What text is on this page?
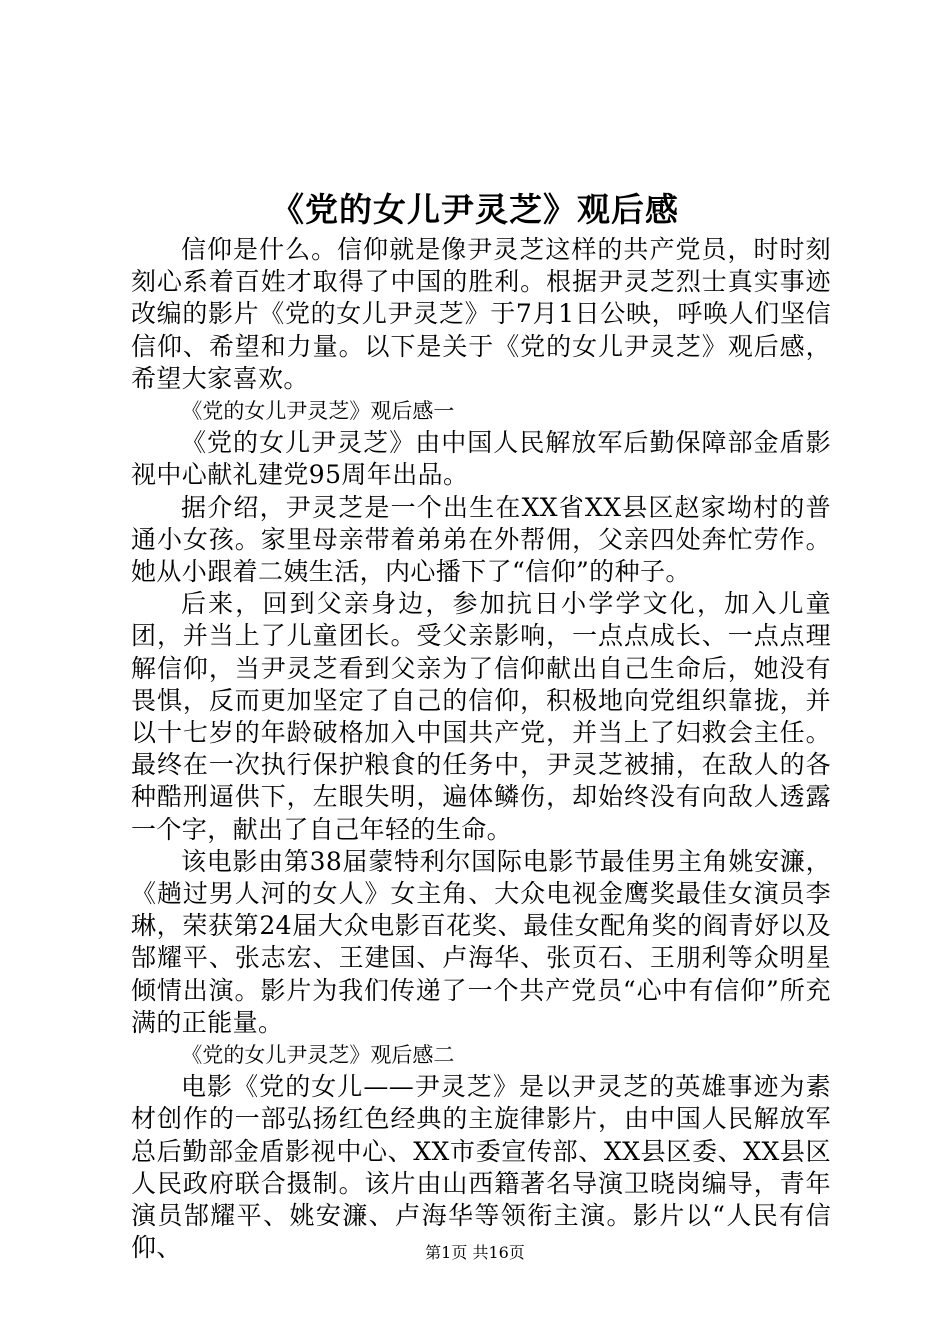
《党的女儿尹灵芝》观后感

信仰是什么。信仰就是像尹灵芝这样的共产党员，时时刻刻心系着百姓才取得了中国的胜利。根据尹灵芝烈士真实事迹改编的影片《党的女儿尹灵芝》于7月1日公映，呼唤人们坚信信仰、希望和力量。以下是关于《党的女儿尹灵芝》观后感，希望大家喜欢。

《党的女儿尹灵芝》观后感一

《党的女儿尹灵芝》由中国人民解放军后勤保障部金盾影视中心献礼建党95周年出品。

据介绍，尹灵芝是一个出生在XX省XX县区赵家坳村的普通小女孩。家里母亲带着弟弟在外帮佣，父亲四处奔忙劳作。她从小跟着二姨生活，内心播下了“信仰”的种子。

后来，回到父亲身边，参加抗日小学学文化，加入儿童团，并当上了儿童团长。受父亲影响，一点点成长、一点点理解信仰，当尹灵芝看到父亲为了信仰献出自己生命后，她没有畏惧，反而更加坚定了自己的信仰，积极地向党组织靠拢，并以十七岁的年龄破格加入中国共产党，并当上了妇救会主任。最终在一次执行保护粮食的任务中，尹灵芝被捕，在敌人的各种酷刑逼供下，左眼失明，遍体鳞伤，却始终没有向敌人透露一个字，献出了自己年轻的生命。

该电影由第38届蒙特利尔国际电影节最佳男主角姚安濂，《趟过男人河的女人》女主角、大众电视金鹰奖最佳女演员李琳，荣获第24届大众电影百花奖、最佳女配角奖的阎青妤以及郜耀平、张志宏、王建国、卢海华、张页石、王朋利等众明星倾情出演。影片为我们传递了一个共产党员“心中有信仰”所充满的正能量。

《党的女儿尹灵芝》观后感二

电影《党的女儿——尹灵芝》是以尹灵芝的英雄事迹为素材创作的一部弘扬红色经典的主旋律影片，由中国人民解放军总后勤部金盾影视中心、XX市委宣传部、XX县区委、XX县区人民政府联合摄制。该片由山西籍著名导演卫晓岗编导，青年演员郜耀平、姚安濂、卢海华等领衔主演。影片以“人民有信仰、	第1页 共16页
